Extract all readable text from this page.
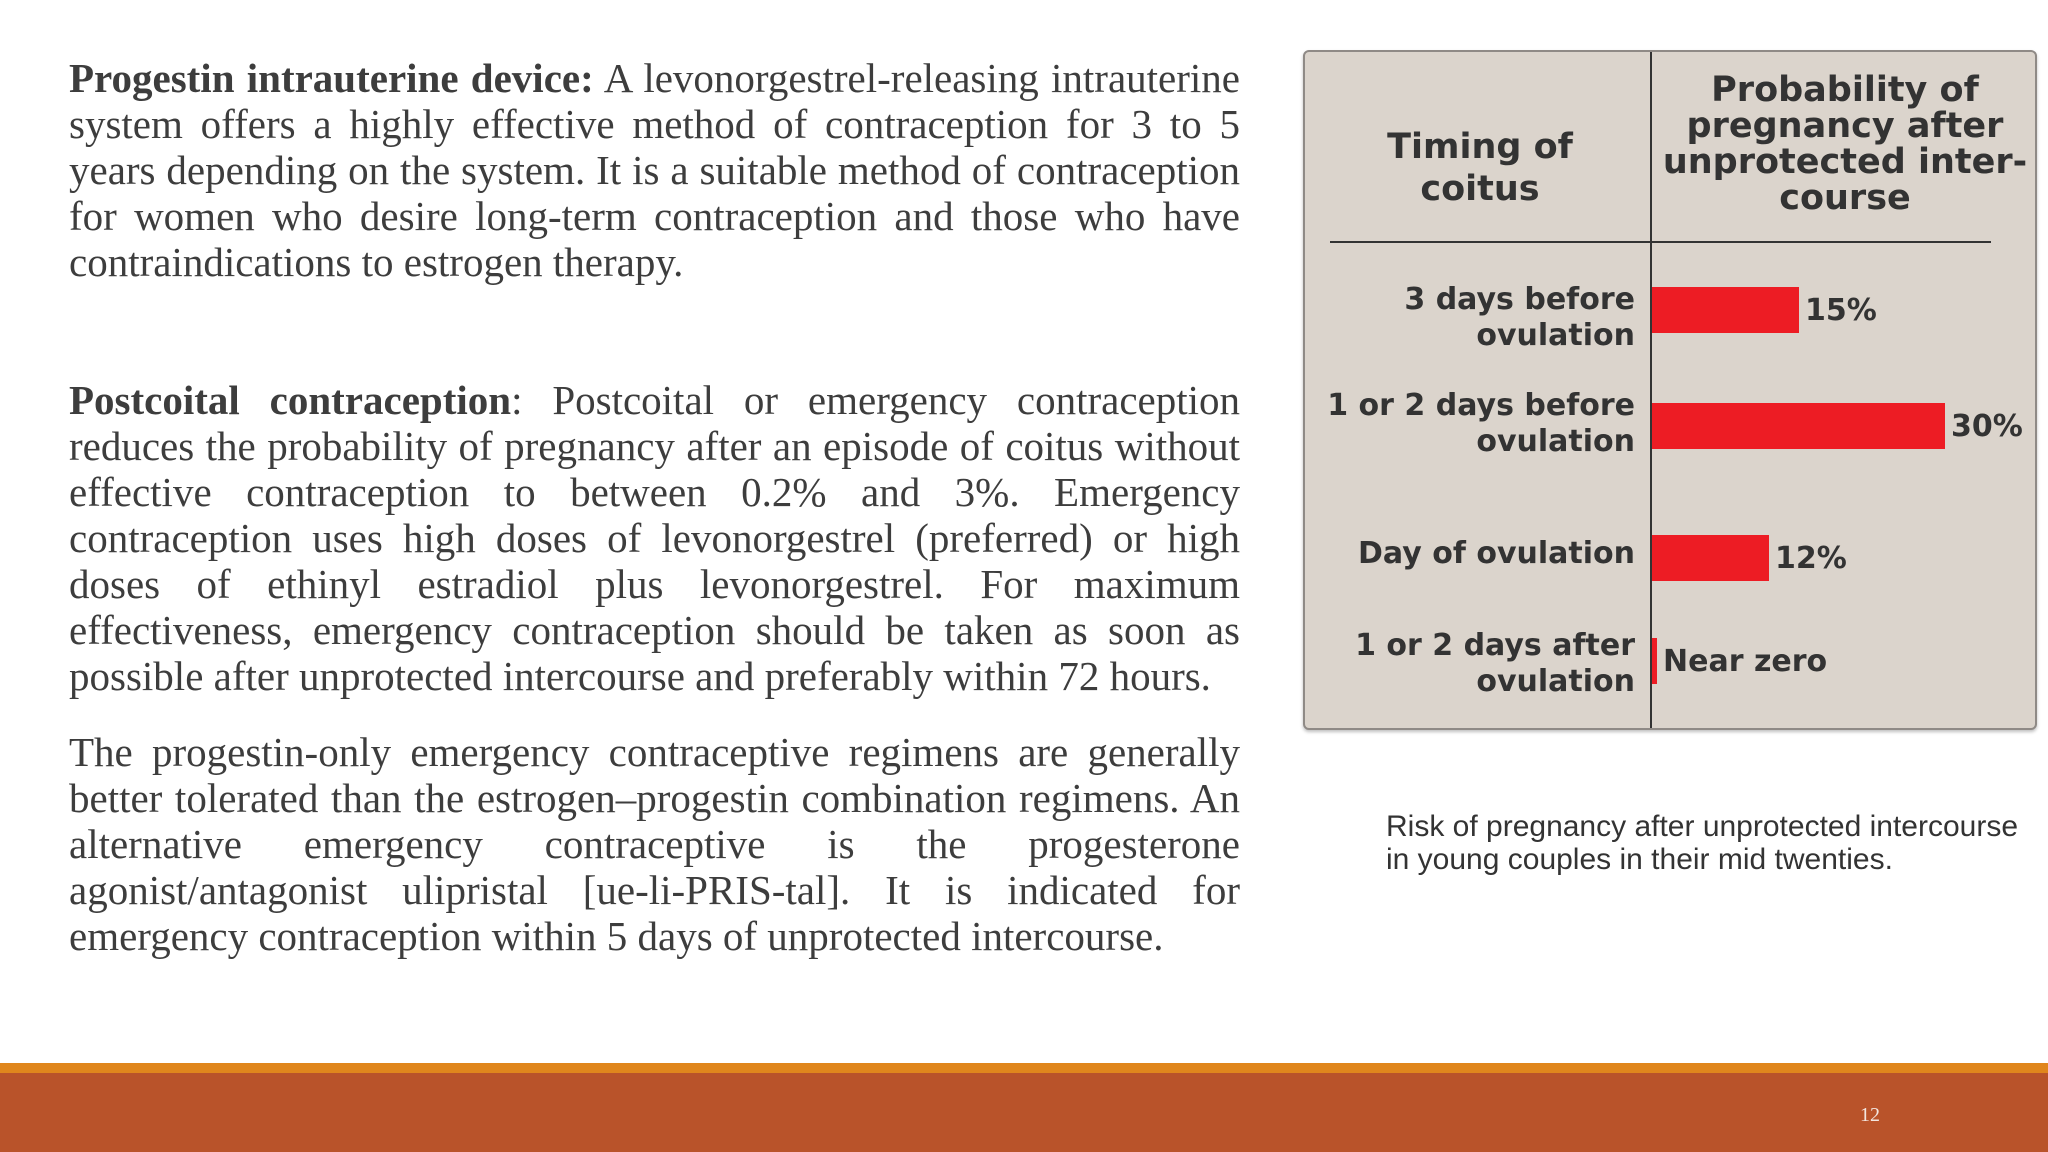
Progestin intrauterine device: A levonorgestrel-releasing intrauterine system offers a highly effective method of contraception for 3 to 5 years depending on the system. It is a suitable method of contraception for women who desire long-term contraception and those who have contraindications to estrogen therapy.

Postcoital contraception: Postcoital or emergency contraception reduces the probability of pregnancy after an episode of coitus without effective contraception to between 0.2% and 3%. Emergency contraception uses high doses of levonorgestrel (preferred) or high doses of ethinyl estradiol plus levonorgestrel. For maximum effectiveness, emergency contraception should be taken as soon as possible after unprotected intercourse and preferably within 72 hours.

The progestin-only emergency contraceptive regimens are generally better tolerated than the estrogen–progestin combination regimens. An alternative emergency contraceptive is the progesterone agonist/antagonist ulipristal [ue-li-PRIS-tal]. It is indicated for emergency contraception within 5 days of unprotected intercourse.

Timing of coitus
Probability of pregnancy after unprotected inter-course
3 days before ovulation
1 or 2 days before ovulation
Day of ovulation
1 or 2 days after ovulation
15%
30%
12%
Near zero
Risk of pregnancy after unprotected intercourse in young couples in their mid twenties.
12
